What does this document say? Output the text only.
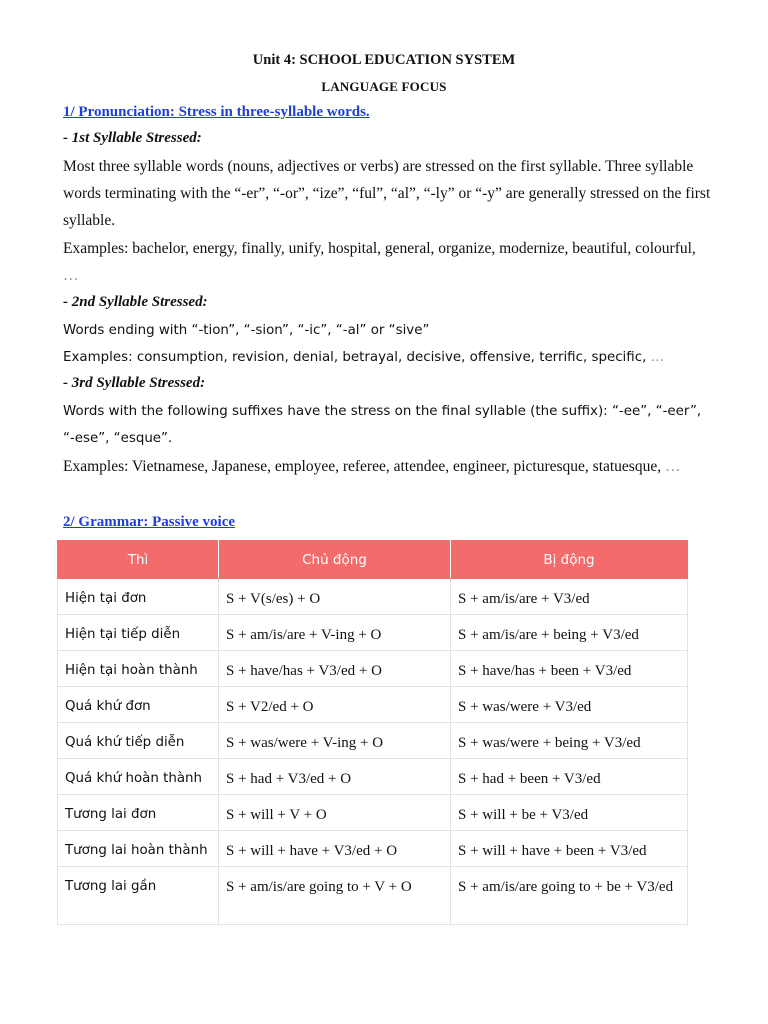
Unit 4: SCHOOL EDUCATION SYSTEM
LANGUAGE FOCUS
1/ Pronunciation: Stress in three-syllable words.
- 1st Syllable Stressed:
Most three syllable words (nouns, adjectives or verbs) are stressed on the first syllable. Three syllable words terminating with the “-er”, “-or”, “ize”, “ful”, “al”, “-ly” or “-y” are generally stressed on the first syllable.
Examples: bachelor, energy, finally, unify, hospital, general, organize, modernize, beautiful, colourful, …
- 2nd Syllable Stressed:
Words ending with “-tion”, “-sion”, “-ic”, “-al” or “sive”
Examples: consumption, revision, denial, betrayal, decisive, offensive, terrific, specific, …
- 3rd Syllable Stressed:
Words with the following suffixes have the stress on the final syllable (the suffix): “-ee”, “-eer”, “-ese”, “esque”.
Examples: Vietnamese, Japanese, employee, referee, attendee, engineer, picturesque, statuesque, …
2/ Grammar: Passive voice
Thì	Chủ động	Bị động
Hiện tại đơn	S + V(s/es) + O	S + am/is/are + V3/ed
Hiện tại tiếp diễn	S + am/is/are + V-ing + O	S + am/is/are + being + V3/ed
Hiện tại hoàn thành	S + have/has + V3/ed + O	S + have/has + been + V3/ed
Quá khứ đơn	S + V2/ed + O	S + was/were + V3/ed
Quá khứ tiếp diễn	S + was/were + V-ing + O	S + was/were + being + V3/ed
Quá khứ hoàn thành	S + had + V3/ed + O	S + had + been + V3/ed
Tương lai đơn	S + will + V + O	S + will + be + V3/ed
Tương lai hoàn thành	S + will + have + V3/ed + O	S + will + have + been + V3/ed
Tương lai gần	S + am/is/are going to + V + O	S + am/is/are going to + be + V3/ed
